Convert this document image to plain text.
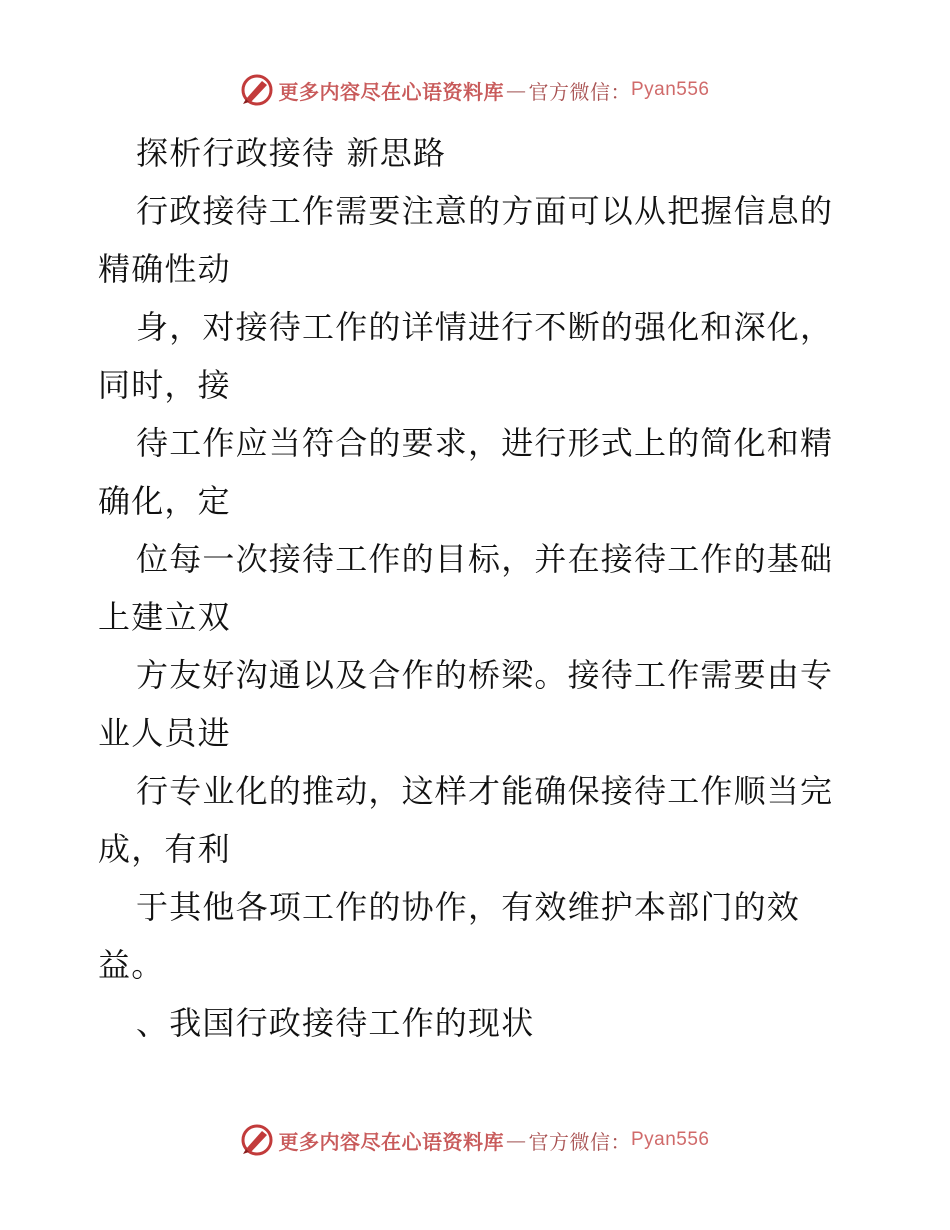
更多内容尽在心语资料库 — 官方微信： Pyan556
探析行政接待 新思路
行政接待工作需要注意的方面可以从把握信息的
精确性动
身，对接待工作的详情进行不断的强化和深化，
同时，接
待工作应当符合的要求，进行形式上的简化和精
确化，定
位每一次接待工作的目标，并在接待工作的基础
上建立双
方友好沟通以及合作的桥梁。接待工作需要由专
业人员进
行专业化的推动，这样才能确保接待工作顺当完
成，有利
于其他各项工作的协作，有效维护本部门的效
益。
、我国行政接待工作的现状
更多内容尽在心语资料库 — 官方微信： Pyan556
